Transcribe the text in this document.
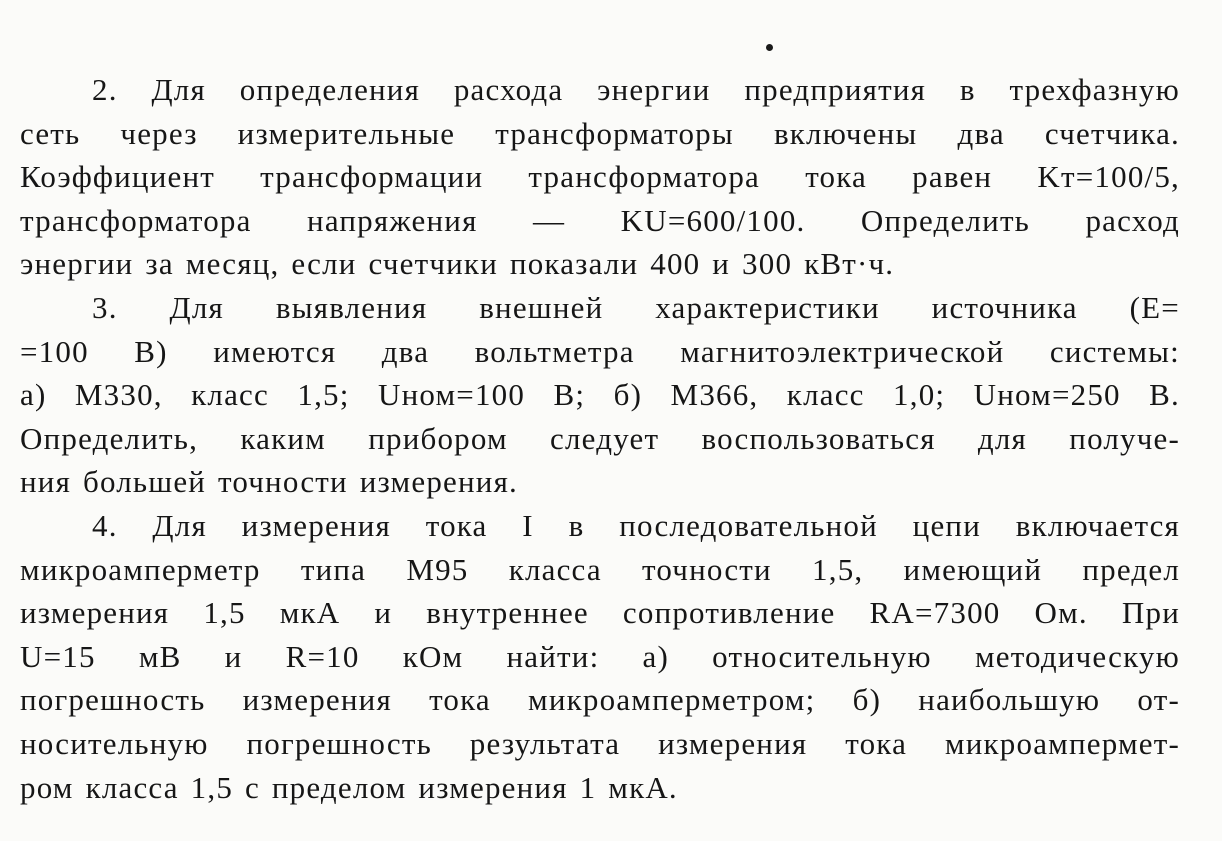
2. Для определения расхода энергии предприятия в трехфазную
сеть через измерительные трансформаторы включены два счетчика.
Коэффициент трансформации трансформатора тока равен Kт=100/5,
трансформатора напряжения — KU=600/100. Определить расход
энергии за месяц, если счетчики показали 400 и 300 кВт·ч.
3. Для выявления внешней характеристики источника (E=
=100 В) имеются два вольтметра магнитоэлектрической системы:
а) М330, класс 1,5; Uном=100 В; б) М366, класс 1,0; Uном=250 В.
Определить, каким прибором следует воспользоваться для получе-
ния большей точности измерения.
4. Для измерения тока I в последовательной цепи включается
микроамперметр типа М95 класса точности 1,5, имеющий предел
измерения 1,5 мкА и внутреннее сопротивление RA=7300 Ом. При
U=15 мВ и R=10 кОм найти: а) относительную методическую
погрешность измерения тока микроамперметром; б) наибольшую от-
носительную погрешность результата измерения тока микроампермет-
ром класса 1,5 с пределом измерения 1 мкА.
